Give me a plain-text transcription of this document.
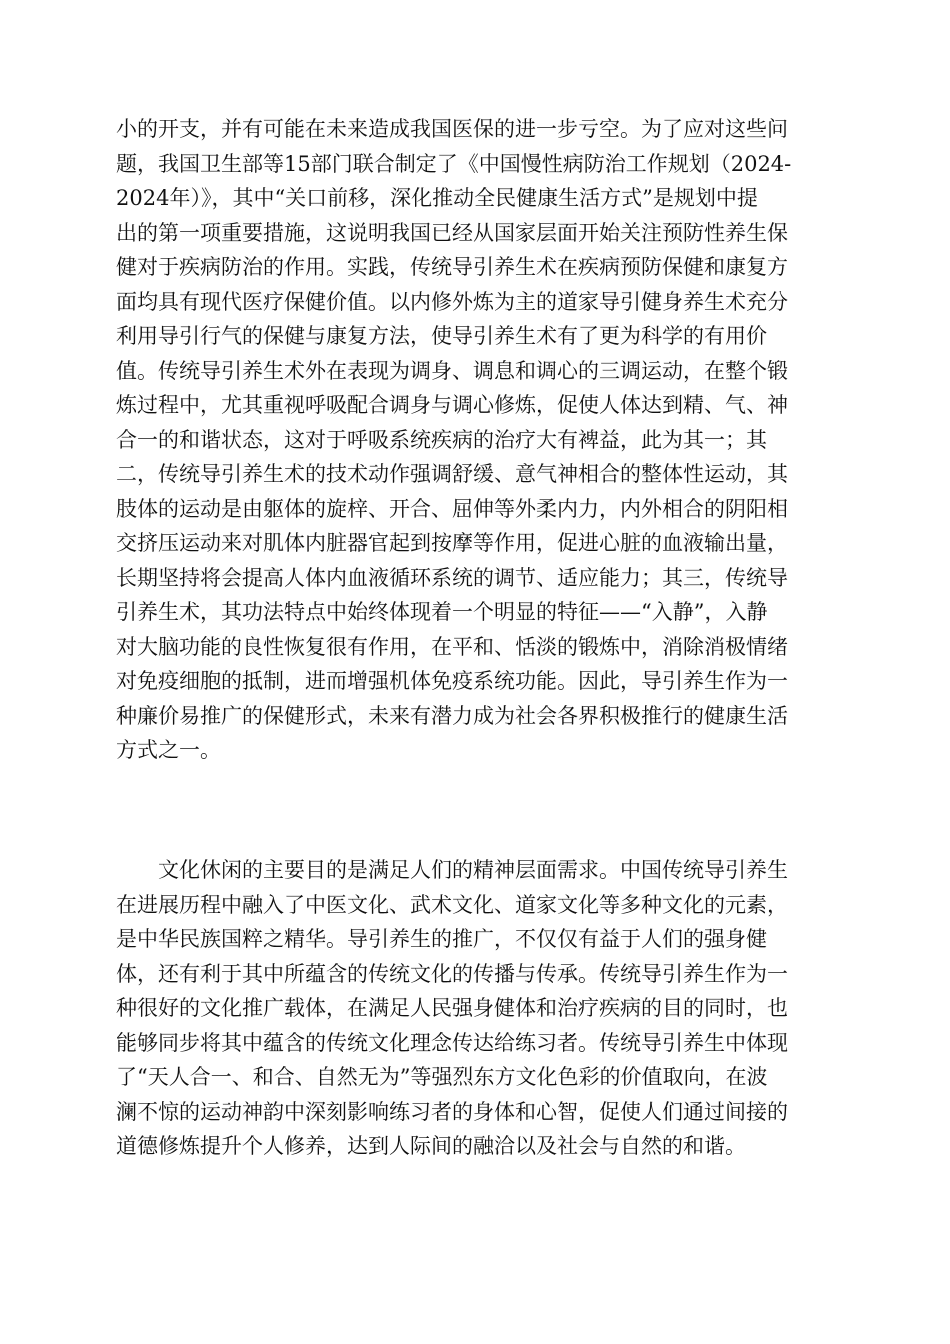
小的开支，并有可能在未来造成我国医保的进一步亏空。为了应对这些问
题，我国卫生部等15部门联合制定了《中国慢性病防治工作规划（2024-
2024年）》，其中“关口前移，深化推动全民健康生活方式”是规划中提
出的第一项重要措施，这说明我国已经从国家层面开始关注预防性养生保
健对于疾病防治的作用。实践，传统导引养生术在疾病预防保健和康复方
面均具有现代医疗保健价值。以内修外炼为主的道家导引健身养生术充分
利用导引行气的保健与康复方法，使导引养生术有了更为科学的有用价
值。传统导引养生术外在表现为调身、调息和调心的三调运动，在整个锻
炼过程中，尤其重视呼吸配合调身与调心修炼，促使人体达到精、气、神
合一的和谐状态，这对于呼吸系统疾病的治疗大有裨益，此为其一；其
二，传统导引养生术的技术动作强调舒缓、意气神相合的整体性运动，其
肢体的运动是由躯体的旋梓、开合、屈伸等外柔内力，内外相合的阴阳相
交挤压运动来对肌体内脏器官起到按摩等作用，促进心脏的血液输出量，
长期坚持将会提高人体内血液循环系统的调节、适应能力；其三，传统导
引养生术，其功法特点中始终体现着一个明显的特征——“入静”，入静
对大脑功能的良性恢复很有作用，在平和、恬淡的锻炼中，消除消极情绪
对免疫细胞的抵制，进而增强机体免疫系统功能。因此，导引养生作为一
种廉价易推广的保健形式，未来有潜力成为社会各界积极推行的健康生活
方式之一。
　　文化休闲的主要目的是满足人们的精神层面需求。中国传统导引养生
在进展历程中融入了中医文化、武术文化、道家文化等多种文化的元素，
是中华民族国粹之精华。导引养生的推广，不仅仅有益于人们的强身健
体，还有利于其中所蕴含的传统文化的传播与传承。传统导引养生作为一
种很好的文化推广载体，在满足人民强身健体和治疗疾病的目的同时，也
能够同步将其中蕴含的传统文化理念传达给练习者。传统导引养生中体现
了“天人合一、和合、自然无为”等强烈东方文化色彩的价值取向，在波
澜不惊的运动神韵中深刻影响练习者的身体和心智，促使人们通过间接的
道德修炼提升个人修养，达到人际间的融洽以及社会与自然的和谐。
